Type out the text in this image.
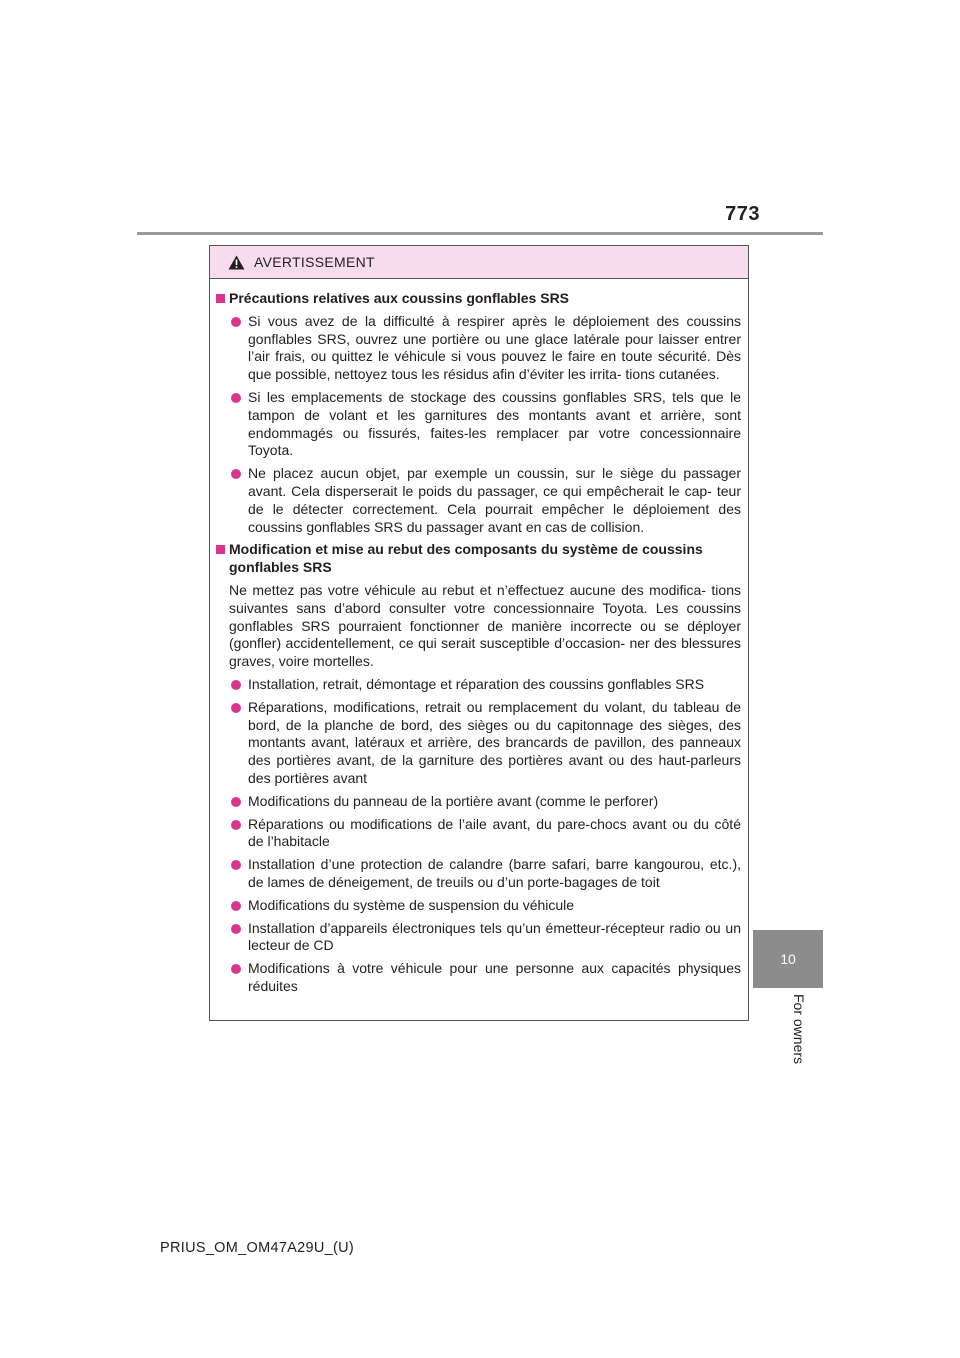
773
10
For owners
AVERTISSEMENT
Précautions relatives aux coussins gonflables SRS
Si vous avez de la difficulté à respirer après le déploiement des coussins gonflables SRS, ouvrez une portière ou une glace latérale pour laisser entrer l’air frais, ou quittez le véhicule si vous pouvez le faire en toute sécurité. Dès que possible, nettoyez tous les résidus afin d’éviter les irrita- tions cutanées.
Si les emplacements de stockage des coussins gonflables SRS, tels que le tampon de volant et les garnitures des montants avant et arrière, sont endommagés ou fissurés, faites-les remplacer par votre concessionnaire Toyota.
Ne placez aucun objet, par exemple un coussin, sur le siège du passager avant. Cela disperserait le poids du passager, ce qui empêcherait le cap- teur de le détecter correctement. Cela pourrait empêcher le déploiement des coussins gonflables SRS du passager avant en cas de collision.
Modification et mise au rebut des composants du système de coussins gonflables SRS
Ne mettez pas votre véhicule au rebut et n’effectuez aucune des modifica- tions suivantes sans d’abord consulter votre concessionnaire Toyota. Les coussins gonflables SRS pourraient fonctionner de manière incorrecte ou se déployer (gonfler) accidentellement, ce qui serait susceptible d’occasion- ner des blessures graves, voire mortelles.
Installation, retrait, démontage et réparation des coussins gonflables SRS
Réparations, modifications, retrait ou remplacement du volant, du tableau de bord, de la planche de bord, des sièges ou du capitonnage des sièges, des montants avant, latéraux et arrière, des brancards de pavillon, des panneaux des portières avant, de la garniture des portières avant ou des haut-parleurs des portières avant
Modifications du panneau de la portière avant (comme le perforer)
Réparations ou modifications de l’aile avant, du pare-chocs avant ou du côté de l’habitacle
Installation d’une protection de calandre (barre safari, barre kangourou, etc.), de lames de déneigement, de treuils ou d’un porte-bagages de toit
Modifications du système de suspension du véhicule
Installation d’appareils électroniques tels qu’un émetteur-récepteur radio ou un lecteur de CD
Modifications à votre véhicule pour une personne aux capacités physiques réduites
PRIUS_OM_OM47A29U_(U)
